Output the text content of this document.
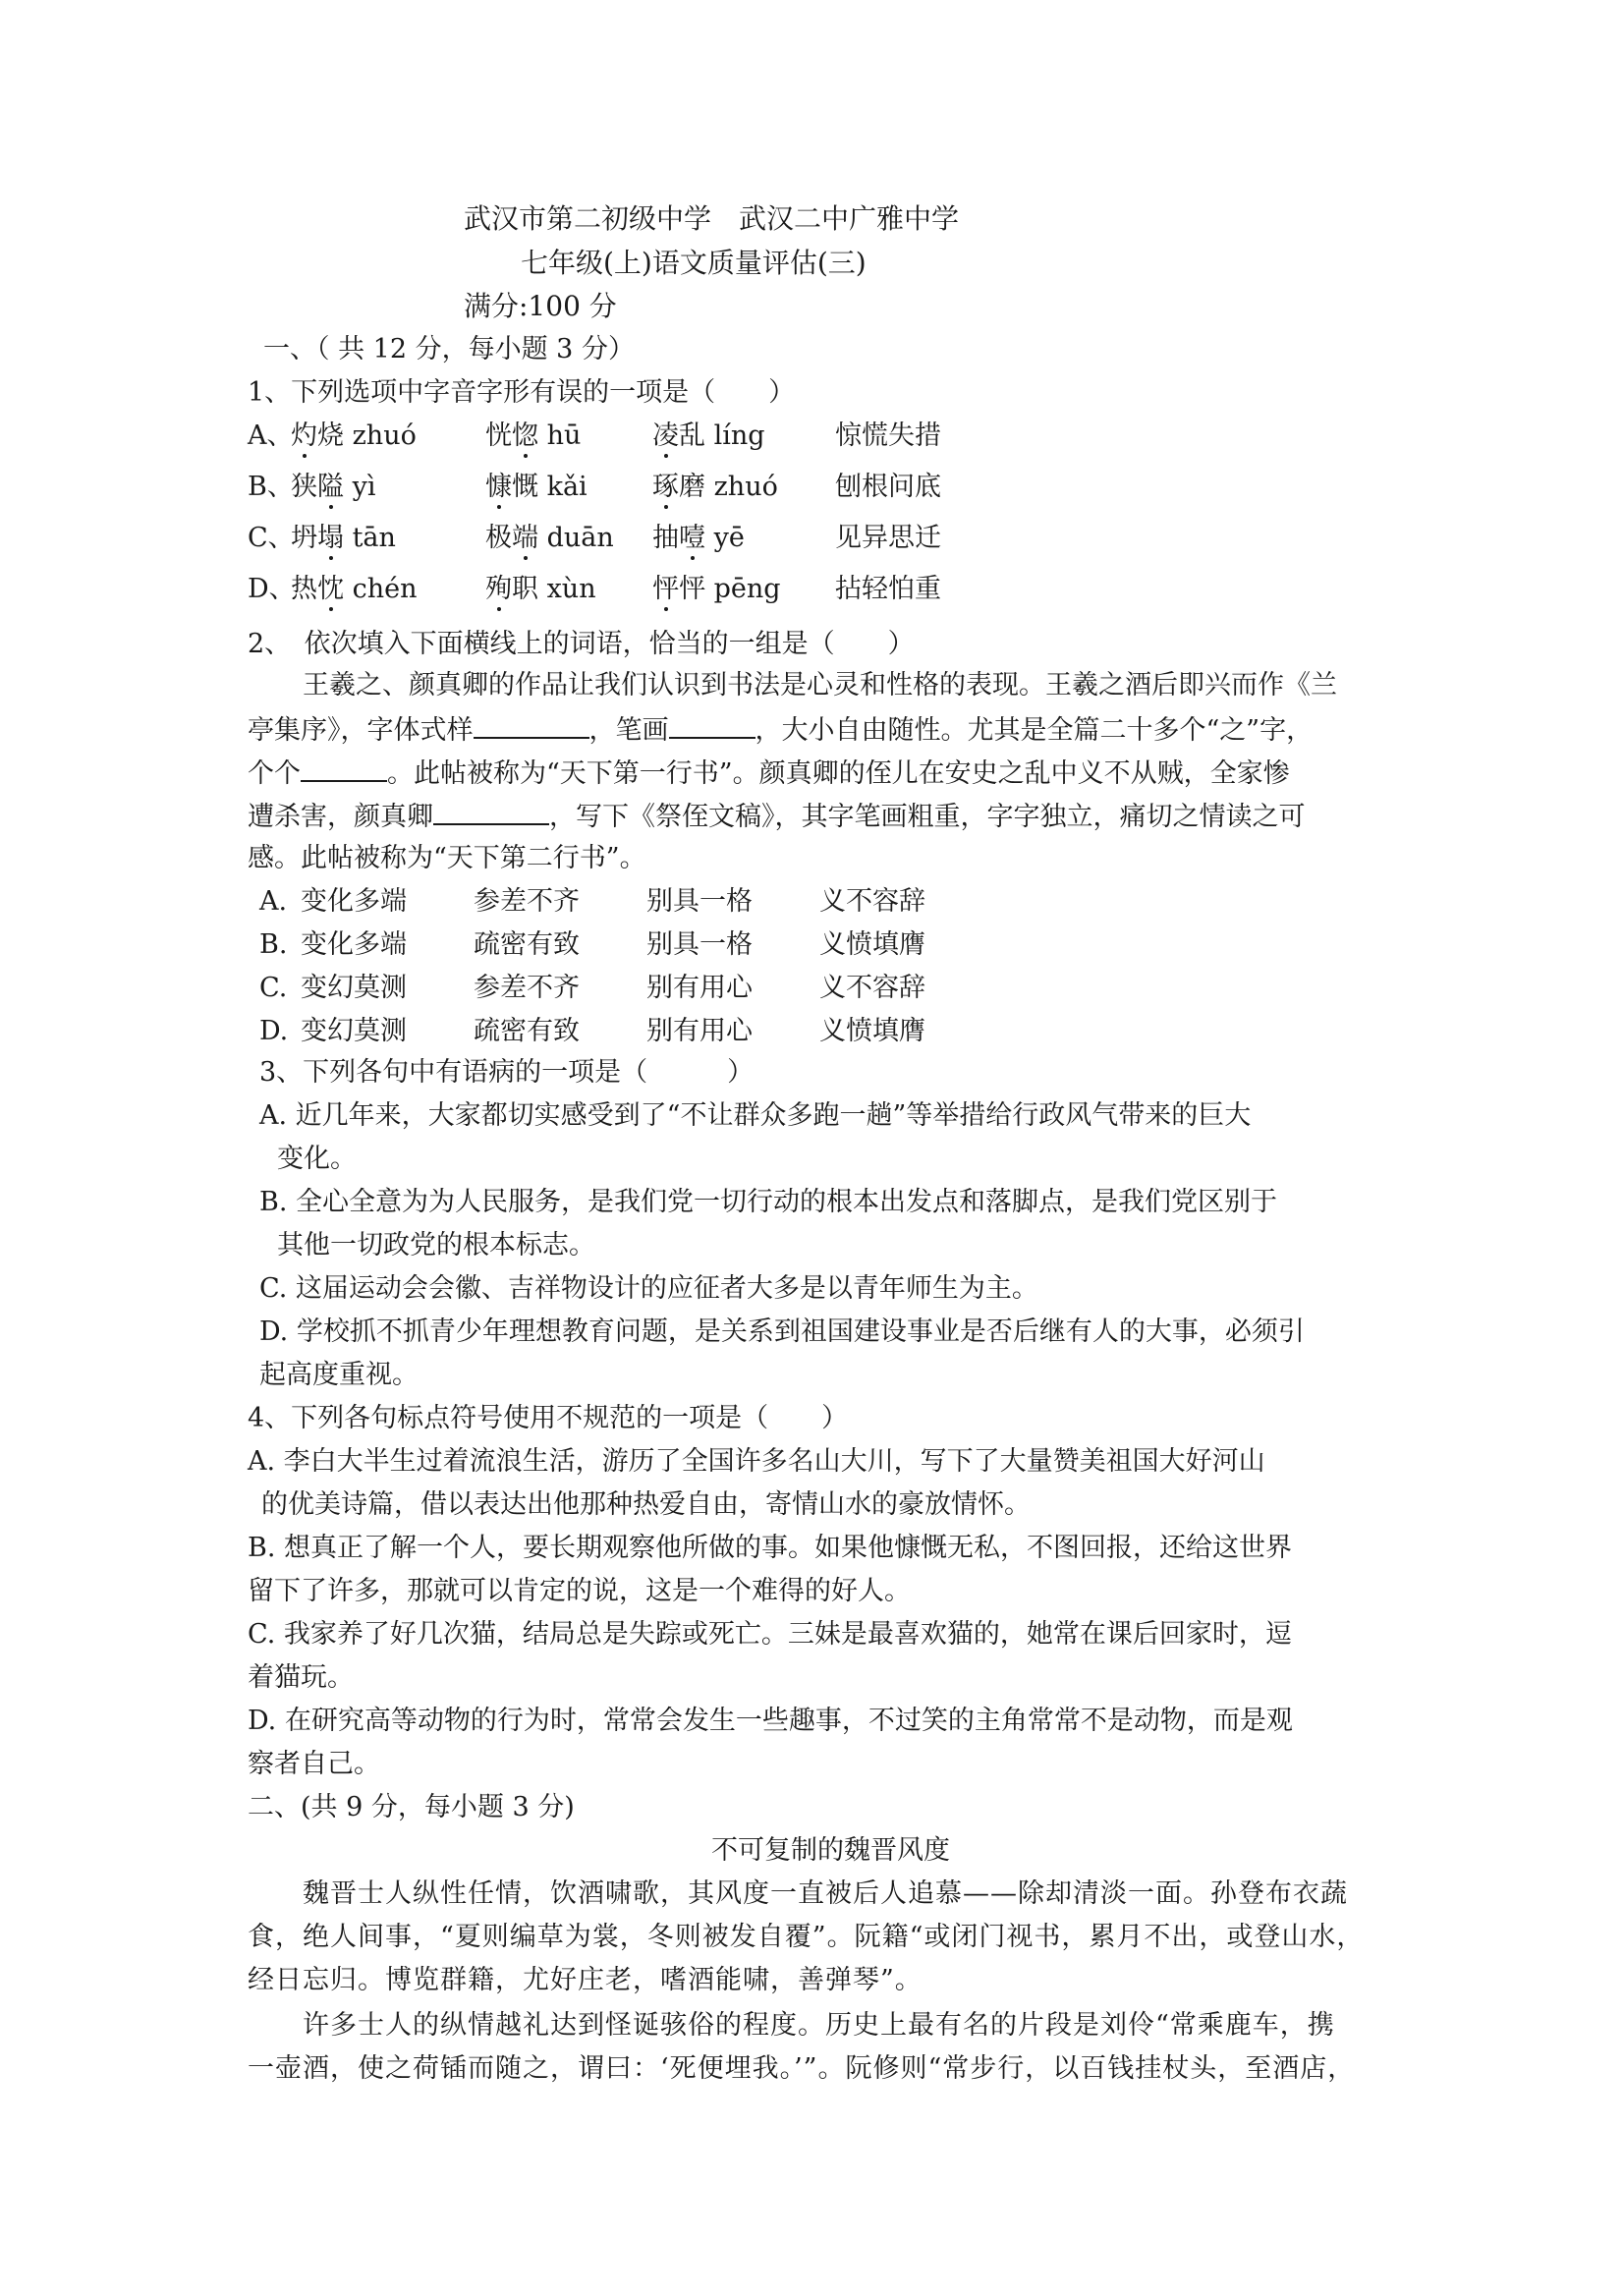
武汉市第二初级中学　武汉二中广雅中学
七年级(上)语文质量评估(三)
满分:100 分
一、（ 共 12 分，每小题 3 分）
1、下列选项中字音字形有误的一项是（　　）
A、
灼烧 zhuó	恍惚 hū	凌乱 líng	惊慌失措
B、
狭隘 yì	慷慨 kǎi 琢磨 zhuó 刨根问底
C、
坍塌 tān	极端 duān 抽噎 yē	见异思迁
D、
热忱 chén	殉职 xùn 怦怦 pēng 拈轻怕重
2、　依次填入下面横线上的词语，恰当的一组是（　　）
王羲之、颜真卿的作品让我们认识到书法是心灵和性格的表现。王羲之酒后即兴而作《兰
亭集序》，字体式样	，笔画	，大小自由随性。尤其是全篇二十多个“之”字，
个个	。此帖被称为“天下第一行书”。颜真卿的侄儿在安史之乱中义不从贼，全家惨
遭杀害，颜真卿	，写下《祭侄文稿》，其字笔画粗重，字字独立，痛切之情读之可
感。此帖被称为“天下第二行书”。
A. 变化多端	参差不齐	别具一格	义不容辞
B. 变化多端	疏密有致	别具一格	义愤填膺
C. 变幻莫测	参差不齐	别有用心	义不容辞
D. 变幻莫测	疏密有致	别有用心	义愤填膺
3、下列各句中有语病的一项是（　　　）
A. 近几年来，大家都切实感受到了“不让群众多跑一趟”等举措给行政风气带来的巨大
变化。
B. 全心全意为为人民服务，是我们党一切行动的根本出发点和落脚点，是我们党区别于
其他一切政党的根本标志。
C. 这届运动会会徽、吉祥物设计的应征者大多是以青年师生为主。
D. 学校抓不抓青少年理想教育问题，是关系到祖国建设事业是否后继有人的大事，必须引
起高度重视。
4、下列各句标点符号使用不规范的一项是（　　）
A. 李白大半生过着流浪生活，游历了全国许多名山大川，写下了大量赞美祖国大好河山
的优美诗篇，借以表达出他那种热爱自由，寄情山水的豪放情怀。
B. 想真正了解一个人，要长期观察他所做的事。如果他慷慨无私，不图回报，还给这世界
留下了许多，那就可以肯定的说，这是一个难得的好人。
C. 我家养了好几次猫，结局总是失踪或死亡。三妹是最喜欢猫的，她常在课后回家时，逗
着猫玩。
D. 在研究高等动物的行为时，常常会发生一些趣事，不过笑的主角常常不是动物，而是观
察者自己。
二、(共 9 分，每小题 3 分)
不可复制的魏晋风度
魏晋士人纵性任情，饮酒啸歌，其风度一直被后人追慕——除却清淡一面。孙登布衣蔬
食，绝人间事，“夏则编草为裳，冬则被发自覆”。阮籍“或闭门视书，累月不出，或登山水，
经日忘归。博览群籍，尤好庄老，嗜酒能啸，善弹琴”。
许多士人的纵情越礼达到怪诞骇俗的程度。历史上最有名的片段是刘伶“常乘鹿车，携
一壶酒，使之荷锸而随之，谓曰：‘死便埋我。’”。阮修则“常步行，以百钱挂杖头，至酒店，
